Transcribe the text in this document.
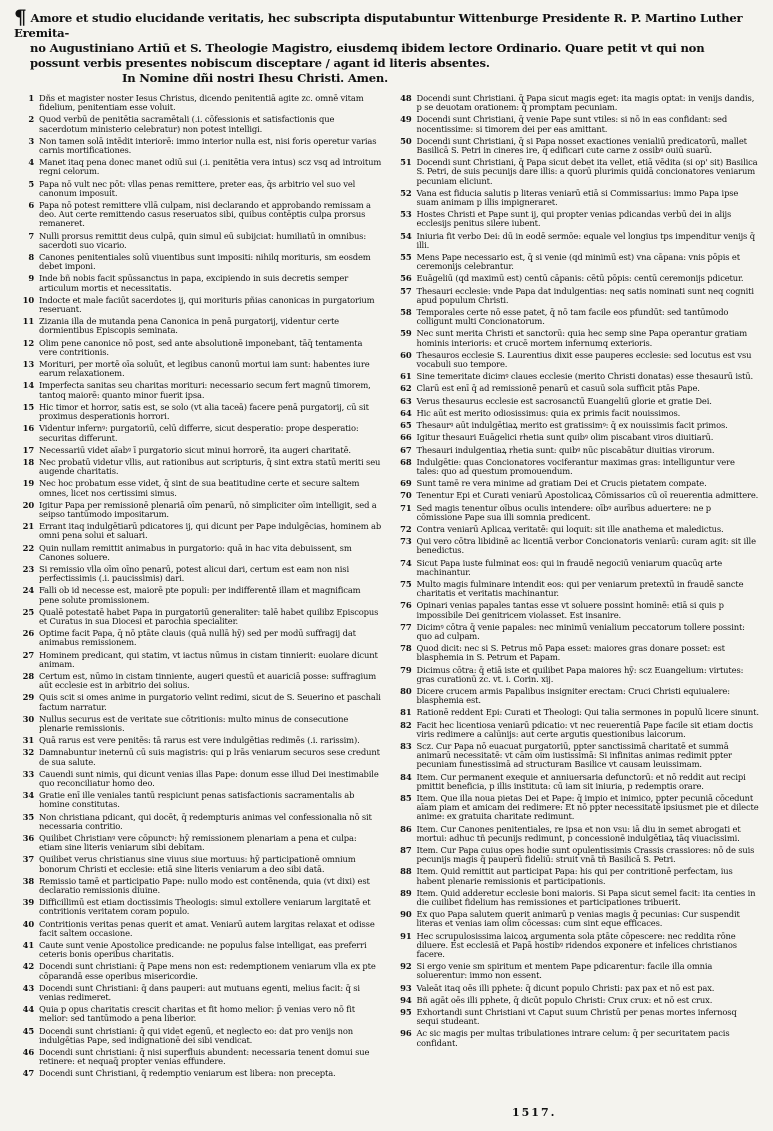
¶ Amore et studio elucidande veritatis, hec subscripta disputabuntur Wittenburge Presidente R. P. Martino Luther Eremita-
no Augustiniano Artiū et S. Theologie Magistro, eiusdemq ibidem lectore Ordinario. Quare petit vt qui non
possunt verbis presentes nobiscum disceptare / agant id literis absentes.
In Nomine dñi nostri Ihesu Christi. Amen.
1 Dñs et magister noster Iesus Christus, dicendo penitentiā agite zc. omnē vitam fidelium, penitentiam esse voluit.
2 Quod verbū de penitētia sacramētali (.i. cōfessionis et satisfactionis que sacerdotum ministerio celebratur) non potest intelligi.
3 Non tamen solā intēdit interiorē: immo interior nulla est, nisi foris operetur varias carnis mortificationes.
4 Manet itaq pena donec manet odiū sui (.i. penitētia vera intus) scz vsq ad introitum regni celorum.
5 Papa nō vult nec pōt: vllas penas remittere, preter eas, q̄s arbitrio vel suo vel canonum imposuit.
6 Papa nō potest remittere vllā culpam, nisi declarando et approbando remissam a deo. Aut certe remittendo casus reseruatos sibi, quibus contēptis culpa prorsus remaneret.
7 Nulli prorsus remittit deus culpā, quin simul eū subijciat: humiliatū in omnibus: sacerdoti suo vicario.
8 Canones penitentiales solū viuentibus sunt impositi: nihilq morituris, sm eosdem debet imponi.
9 Inde bñ nobis facit spūssanctus in papa, excipiendo in suis decretis semper articulum mortis et necessitatis.
10 Indocte et male faciūt sacerdotes ij, qui morituris pñias canonicas in purgatorium reseruant.
11 Zizania illa de mutanda pena Canonica in penā purgatorij, videntur certe dormientibus Episcopis seminata.
12 Olim pene canonice nō post, sed ante absolutionē imponebant, tāq̄ tentamenta vere contritionis.
13 Morituri, per mortē oīa soluūt, et legibus canonū mortui iam sunt: habentes iure earum relaxationem.
14 Imperfecta sanitas seu charitas morituri: necessario secum fert magnū timorem, tantoq maiorē: quanto minor fuerit ipsa.
15 Hic timor et horror, satis est, se solo (vt alia taceā) facere penā purgatorij, cū sit proximus desperationis horrori.
16 Videntur infernꝰ: purgatoriū, celū differre, sicut desperatio: prope desperatio: securitas differunt.
17 Necessariū videt aīabꝰ ī purgatorio sicut minui horrorē, ita augeri charitatē.
18 Nec probatū videtur vllis, aut rationibus aut scripturis, q̄ sint extra statū meriti seu augende charitatis.
19 Nec hoc probatum esse videt, q̄ sint de sua beatitudine certe et secure saltem omnes, licet nos certissimi simus.
20 Igitur Papa per remissionē plenariā oīm penarū, nō simpliciter oīm intelligit, sed a seipso tantūmodo impositarum.
21 Errant itaq indulgētiarū pdicatores ij, qui dicunt per Pape indulgēcias, hominem ab omni pena solui et saluari.
22 Quin nullam remittit animabus in purgatorio: quā in hac vita debuissent, sm Canones soluere.
23 Si remissio vlla oīm oīno penarū, potest alicui dari, certum est eam non nisi perfectissimis (.i. paucissimis) dari.
24 Falli ob id necesse est, maiorē pte populi: per indifferentē illam et magnificam pene solute promissionem.
25 Qualē potestatē habet Papa in purgatoriū generaliter: talē habet quilibz Episcopus et Curatus in sua Diocesi et parochia specialiter.
26 Optime facit Papa, q̄ nō ptāte clauis (quā nullā hȳ) sed per modū suffragij dat animabus remissionem.
27 Hominem predicant, qui statim, vt iactus nūmus in cistam tinnierit: euolare dicunt animam.
28 Certum est, nūmo in cistam tinniente, augeri questū et auariciā posse: suffragium aūt ecclesie est in arbitrio dei solius.
29 Quis scit si omes anime in purgatorio velint redimi, sicut de S. Seuerino et paschali factum narratur.
30 Nullus securus est de veritate sue cōtritionis: multo minus de consecutione plenarie remissionis.
31 Quā rarus est vere penitēs: tā rarus est vere indulgētias redimēs (.i. rarissim).
32 Damnabuntur ineternū cū suis magistris: qui p lrās veniarum securos sese credunt de sua salute.
33 Cauendi sunt nimis, qui dicunt venias illas Pape: donum esse illud Dei inestimabile quo reconciliatur homo deo.
34 Gratie enī ille veniales tantū respiciunt penas satisfactionis sacramentalis ab homine constitutas.
35 Non christiana pdicant, qui docēt, q̄ redempturis animas vel confessionalia nō sit necessaria contritio.
36 Quilibet Christianꝰ vere cōpunctꝰ: hȳ remissionem plenariam a pena et culpa: etiam sine literis veniarum sibi debitam.
37 Quilibet verus christianus sine viuus siue mortuus: hȳ participationē omnium bonorum Christi et ecclesie: etiā sine literis veniarum a deo sibi datā.
38 Remissio tamē et participatio Pape: nullo modo est contēnenda, quia (vt dixi) est declaratio remissionis diuine.
39 Difficillimū est etiam doctissimis Theologis: simul extollere veniarum largitatē et contritionis veritatem coram populo.
40 Contritionis veritas penas querit et amat. Veniarū autem largitas relaxat et odisse facit saltem occasione.
41 Caute sunt venie Apostolice predicande: ne populus false intelligat, eas preferri ceteris bonis operibus charitatis.
42 Docendi sunt christiani: q̄ Pape mens non est: redemptionem veniarum vlla ex pte cōparandā esse operibus misericordie.
43 Docendi sunt Christiani: q̄ dans pauperi: aut mutuans egenti, melius facit: q̄ si venias redimeret.
44 Quia p opus charitatis crescit charitas et fit homo melior: p̄ venias vero nō fit melior: sed tantūmodo a pena liberior.
45 Docendi sunt christiani: q̄ qui videt egenū, et neglecto eo: dat pro venijs non indulgētias Pape, sed indignationē dei sibi vendicat.
46 Docendi sunt christiani: q̄ nisi superfluis abundent: necessaria tenent domui sue retinere: et nequaq̄ propter venias effundere.
47 Docendi sunt Christiani, q̄ redemptio veniarum est libera: non precepta.
48 Docendi sunt Christiani. q̄ Papa sicut magis eget: ita magis optat: in venijs dandis, p se deuotam orationem: q̄ promptam pecuniam.
49 Docendi sunt Christiani, q̄ venie Pape sunt vtiles: si nō in eas confidant: sed nocentissime: si timorem dei per eas amittant.
50 Docendi sunt Christiani, q̄ si Papa nosset exactiones venialiū predicatorū, mallet Basilicā S. Petri in cineres ire, q̄ edificari cute carne z ossibꝰ ouiū suarū.
51 Docendi sunt Christiani, q̄ Papa sicut debet ita vellet, etiā vēdita (si op' sit) Basilica S. Petri, de suis pecunijs dare illis: a quorū plurimis quidā concionatores veniarum pecuniam eliciunt.
52 Vana est fiducia salutis p literas veniarū etiā si Commissarius: immo Papa ipse suam animam p illis impigneraret.
53 Hostes Christi et Pape sunt ij, qui propter venias pdicandas verbū dei in alijs ecclesijs penitus silere iubent.
54 Iniuria fit verbo Dei: dū in eodē sermōe: equale vel longius tps impenditur venijs q̄ illi.
55 Mens Pape necessario est, q̄ si venie (qd minimū est) vna cāpana: vnis pōpis et ceremonijs celebrantur.
56 Euāgeliū (qd maximū est) centū cāpanis: cētū pōpis: centū ceremonijs pdicetur.
57 Thesauri ecclesie: vnde Papa dat indulgentias: neq satis nominati sunt neq cogniti apud populum Christi.
58 Temporales certe nō esse patet, q̄ nō tam facile eos pfundūt: sed tantūmodo colligunt multi Concionatorum.
59 Nec sunt merita Christi et sanctorū: quia hec semp sine Papa operantur gratiam hominis interioris: et crucē mortem infernumq exterioris.
60 Thesauros ecclesie S. Laurentius dixit esse pauperes ecclesie: sed locutus est vsu vocabuli suo tempore.
61 Sine temeritate dicimꝰ claues ecclesie (merito Christi donatas) esse thesaurū istū.
62 Clarū est enī q̄ ad remissionē penarū et casuū sola sufficit ptās Pape.
63 Verus thesaurus ecclesie est sacrosanctū Euangeliū glorie et gratie Dei.
64 Hic aūt est merito odiosissimus: quia ex primis facit nouissimos.
65 Thesaurꝰ aūt indulgētiaꝝ merito est gratissimꝰ: q̄ ex nouissimis facit primos.
66 Igitur thesauri Euāgelici rhetia sunt quibꝰ olim piscabant viros diuitiarū.
67 Thesauri indulgentiaꝝ rhetia sunt: quibꝰ nūc piscabātur diuitias virorum.
68 Indulgētie: quas Concionatores vociferantur maximas gras: intelliguntur vere tales: quo ad questum promouendum.
69 Sunt tamē re vera minime ad gratiam Dei et Crucis pietatem compate.
70 Tenentur Epi et Curati veniarū Apostolicaꝝ Cōmissarios cū oī reuerentia admittere.
71 Sed magis tenentur oībus oculis intendere: oībꝰ aurībus aduertere: ne p cōmissione Pape sua illi somnia predicent.
72 Contra veniarū Aplicaꝝ veritatē: qui loquit: sit ille anathema et maledictus.
73 Qui vero cōtra libidinē ac licentiā verbor Concionatoris veniarū: curam agit: sit ille benedictus.
74 Sicut Papa iuste fulminat eos: qui in fraudē negociū veniarum quacūq arte machinantur.
75 Multo magis fulminare intendit eos: qui per veniarum pretextū in fraudē sancte charitatis et veritatis machinantur.
76 Opinari venias papales tantas esse vt soluere possint hominē: etiā si quis p impossibile Dei genitricem violasset. Est insanire.
77 Dicimꝰ cōtra q̄ venie papales: nec minimū venialium peccatorum tollere possint: quo ad culpam.
78 Quod dicit: nec si S. Petrus mō Papa esset: maiores gras donare posset: est blasphemia in S. Petrum et Papam.
79 Dicimus cōtra: q̄ etiā iste et quilibet Papa maiores hȳ: scz Euangelium: virtutes: gras curationū zc. vt. i. Corin. xij.
80 Dicere crucem armis Papalibus insigniter erectam: Cruci Christi equiualere: blasphemia est.
81 Rationē reddent Epi: Curati et Theologi: Qui talia sermones in populū licere sinunt.
82 Facit hec licentiosa veniarū pdicatio: vt nec reuerentiā Pape facile sit etiam doctis viris redimere a calūnijs: aut certe argutis questionibus laicorum.
83 Scz. Cur Papa nō euacuat purgatoriū, ppter sanctissimā charitatē et summā animarū necessitatē: vt cām oim iustissimā: Si infinitas animas redimit ppter pecuniam funestissimā ad structuram Basilice vt causam leuissimam.
84 Item. Cur permanent exequie et anniuersaria defunctorū: et nō reddit aut recipi pmittit beneficia, p illis instituta: cū iam sit iniuria, p redemptis orare.
85 Item. Que illa noua pietas Dei et Pape: q̄ impio et inimico, ppter pecuniā cōcedunt aīam piam et amicam dei redimere: Et nō ppter necessitatē ipsiusmet pie et dilecte anime: ex gratuita charitate redimunt.
86 Item. Cur Canones penitentiales, re ipsa et non vsu: iā diu in semet abrogati et mortui: adhuc tñ pecunijs redimunt, p concessionē indulgētiaꝝ tāq viuacissimi.
87 Item. Cur Papa cuius opes hodie sunt opulentissimis Crassis crassiores: nō de suis pecunijs magis q̄ pauperū fideliū: struit vnā tñ Basilicā S. Petri.
88 Item. Quid remittit aut participat Papa: his qui per contritionē perfectam, ius habent plenarie remissionis et participationis.
89 Item. Quid adderetur ecclesie boni maioris. Si Papa sicut semel facit: ita centies in die cuilibet fidelium has remissiones et participationes tribuerit.
90 Ex quo Papa salutem querit animarū p venias magis q̄ pecunias: Cur suspendit literas et venias iam olim cōcessas: cum sint eque efficaces.
91 Hec scrupulosissima laicoꝝ argumenta sola ptāte cōpescere: nec reddita rōne diluere. Est ecclesiā et Papā hostibꝰ ridendos exponere et infelices christianos facere.
92 Si ergo venie sm spiritum et mentem Pape pdicarentur: facile illa omnia soluerentur: immo non essent.
93 Valeāt itaq oēs illi pphete: q̄ dicunt populo Christi: pax pax et nō est pax.
94 Bñ agāt oēs illi pphete, q̄ dicūt populo Christi: Crux crux: et nō est crux.
95 Exhortandi sunt Christiani vt Caput suum Christū per penas mortes infernosq sequi studeant.
96 Ac sic magis per multas tribulationes intrare celum: q̄ per securitatem pacis confidant.
1517.
